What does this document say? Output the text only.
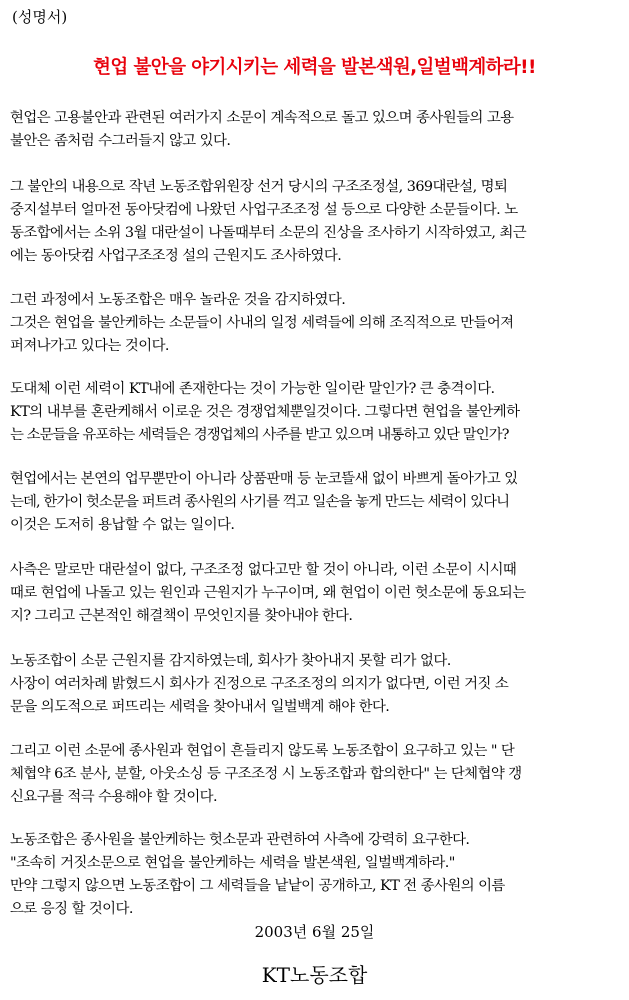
(성명서)
현업 불안을 야기시키는 세력을 발본색원,일벌백계하라!!
현업은 고용불안과 관련된 여러가지 소문이 계속적으로 돌고 있으며 종사원들의 고용
불안은 좀처럼 수그러들지 않고 있다.
그 불안의 내용으로 작년 노동조합위원장 선거 당시의 구조조정설, 369대란설, 명퇴
중지설부터 얼마전 동아닷컴에 나왔던 사업구조조정 설 등으로 다양한 소문들이다. 노
동조합에서는 소위 3월 대란설이 나돌때부터 소문의 진상을 조사하기 시작하였고, 최근
에는 동아닷컴 사업구조조정 설의 근원지도 조사하였다.
그런 과정에서 노동조합은 매우 놀라운 것을 감지하였다.
그것은 현업을 불안케하는 소문들이 사내의 일정 세력들에 의해 조직적으로 만들어져
퍼져나가고 있다는 것이다.
도대체 이런 세력이 KT내에 존재한다는 것이 가능한 일이란 말인가? 큰 충격이다.
KT의 내부를 혼란케해서 이로운 것은 경쟁업체뿐일것이다. 그렇다면 현업을 불안케하
는 소문들을 유포하는 세력들은 경쟁업체의 사주를 받고 있으며 내통하고 있단 말인가?
현업에서는 본연의 업무뿐만이 아니라 상품판매 등 눈코뜰새 없이 바쁘게 돌아가고 있
는데, 한가이 헛소문을 퍼트려 종사원의 사기를 꺽고 일손을 놓게 만드는 세력이 있다니
이것은 도저히 용납할 수 없는 일이다.
사측은 말로만 대란설이 없다, 구조조정 없다고만 할 것이 아니라, 이런 소문이 시시때
때로 현업에 나돌고 있는 원인과 근원지가 누구이며, 왜 현업이 이런 헛소문에 동요되는
지? 그리고 근본적인 해결책이 무엇인지를 찾아내야 한다.
노동조합이 소문 근원지를 감지하였는데, 회사가 찾아내지 못할 리가 없다.
사장이 여러차례 밝혔드시 회사가 진정으로 구조조정의 의지가 없다면, 이런 거짓 소
문을 의도적으로 퍼뜨리는 세력을 찾아내서 일벌백계 해야 한다.
그리고 이런 소문에 종사원과 현업이 흔들리지 않도록 노동조합이 요구하고 있는 " 단
체협약 6조 분사, 분할, 아웃소싱 등 구조조정 시 노동조합과 합의한다" 는 단체협약 갱
신요구를 적극 수용해야 할 것이다.
노동조합은 종사원을 불안케하는 헛소문과 관련하여 사측에 강력히 요구한다.
"조속히 거짓소문으로 현업을 불안케하는 세력을 발본색원, 일벌백계하라."
만약 그렇지 않으면 노동조합이 그 세력들을 낱낱이 공개하고, KT 전 종사원의 이름
으로 응징 할 것이다.
2003년 6월 25일
KT노동조합
